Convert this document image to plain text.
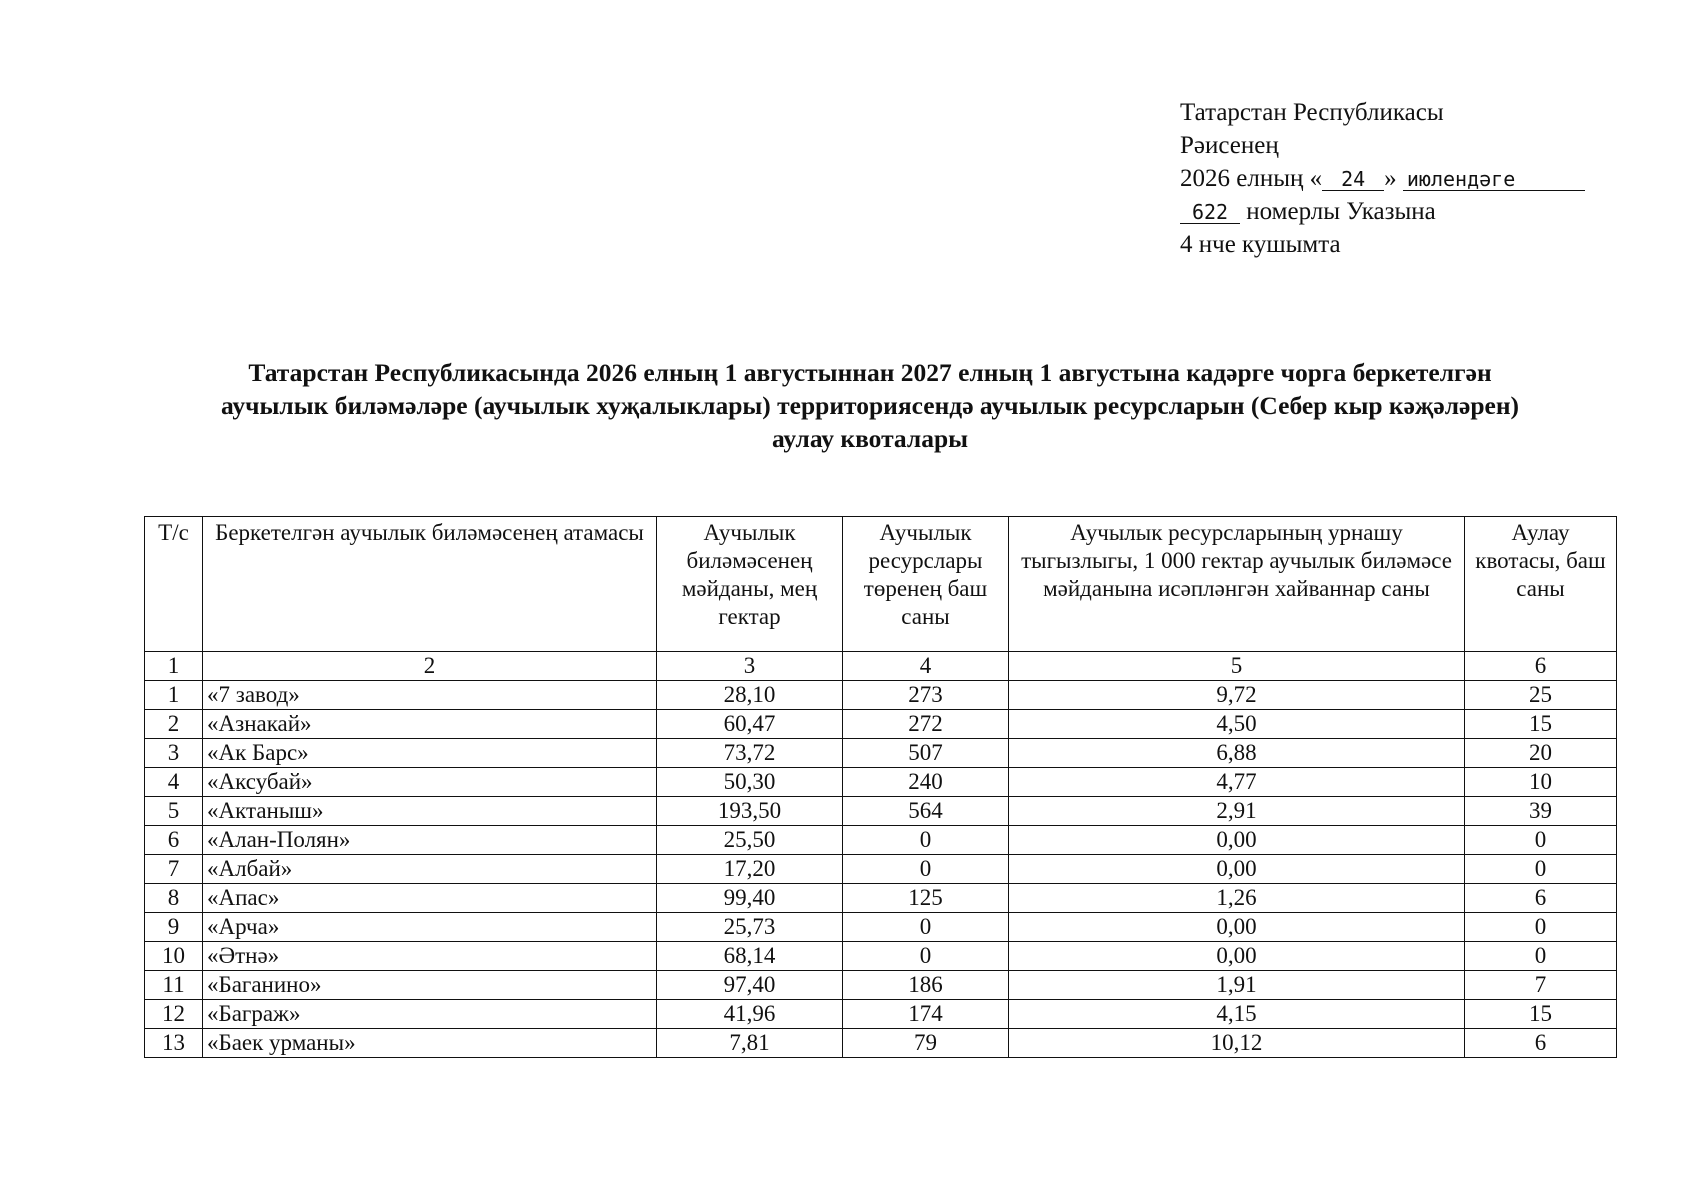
Татарстан Республикасы
Рәисенең
2026 елның « 24 » июлендәге
622 номерлы Указына
4 нче кушымта
Татарстан Республикасында 2026 елның 1 августыннан 2027 елның 1 августына кадәрге чорга беркетелгән
аучылык биләмәләре (аучылык хуҗалыклары) территориясендә аучылык ресурсларын (Себер кыр кәҗәләрен)
аулау квоталары
Т/с	Беркетелгән аучылык биләмәсенең атамасы	Аучылык биләмәсенең мәйданы, мең гектар	Аучылык ресурслары төренең баш саны	Аучылык ресурсларының урнашу тыгызлыгы, 1 000 гектар аучылык биләмәсе мәйданына исәпләнгән хайваннар саны	Аулау квотасы, баш саны
1	2	3	4	5	6
1	«7 завод»	28,10	273	9,72	25
2	«Азнакай»	60,47	272	4,50	15
3	«Ак Барс»	73,72	507	6,88	20
4	«Аксубай»	50,30	240	4,77	10
5	«Актаныш»	193,50	564	2,91	39
6	«Алан-Полян»	25,50	0	0,00	0
7	«Албай»	17,20	0	0,00	0
8	«Апас»	99,40	125	1,26	6
9	«Арча»	25,73	0	0,00	0
10	«Әтнә»	68,14	0	0,00	0
11	«Баганино»	97,40	186	1,91	7
12	«Баграж»	41,96	174	4,15	15
13	«Баек урманы»	7,81	79	10,12	6
